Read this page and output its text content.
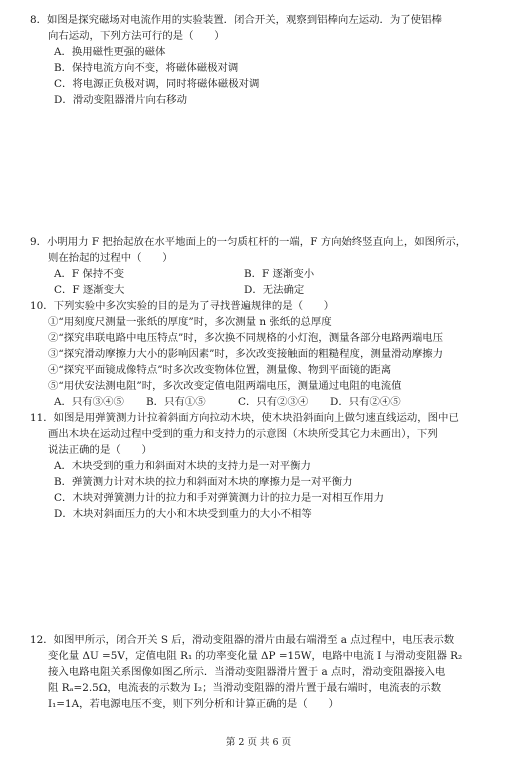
8．如图是探究磁场对电流作用的实验装置．闭合开关，观察到铝棒向左运动．为了使铝棒
向右运动，下列方法可行的是（　　）
A．换用磁性更强的磁体
B．保持电流方向不变，将磁体磁极对调
C．将电源正负极对调，同时将磁体磁极对调
D．滑动变阻器滑片向右移动
9．小明用力 F 把抬起放在水平地面上的一匀质杠杆的一端，F 方向始终竖直向上，如图所示，
则在抬起的过程中（　　）
A．F 保持不变	B．F 逐渐变小
C．F 逐渐变大	D．无法确定
10．下列实验中多次实验的目的是为了寻找普遍规律的是（　　）
①“用刻度尺测量一张纸的厚度”时，多次测量 n 张纸的总厚度
②“探究串联电路中电压特点”时，多次换不同规格的小灯泡，测量各部分电路两端电压
③“探究滑动摩擦力大小的影响因素”时，多次改变接触面的粗糙程度，测量滑动摩擦力
④“探究平面镜成像特点”时多次改变物体位置，测量像、物到平面镜的距离
⑤“用伏安法测电阻”时，多次改变定值电阻两端电压，测量通过电阻的电流值
A．只有③④⑤	B．只有①⑤	C．只有②③④	D．只有②④⑤
11．如图是用弹簧测力计拉着斜面方向拉动木块，使木块沿斜面向上做匀速直线运动，图中已
画出木块在运动过程中受到的重力和支持力的示意图（木块所受其它力未画出），下列
说法正确的是（　　）
A．木块受到的重力和斜面对木块的支持力是一对平衡力
B．弹簧测力计对木块的拉力和斜面对木块的摩擦力是一对平衡力
C．木块对弹簧测力计的拉力和手对弹簧测力计的拉力是一对相互作用力
D．木块对斜面压力的大小和木块受到重力的大小不相等
12．如图甲所示，闭合开关 S 后，滑动变阻器的滑片由最右端滑至 a 点过程中，电压表示数
变化量 ΔU =5V，定值电阻 R₁ 的功率变化量 ΔP =15W，电路中电流 I 与滑动变阻器 R₂
接入电路电阻关系图像如图乙所示．当滑动变阻器滑片置于 a 点时，滑动变阻器接入电
阻 Rₐ=2.5Ω，电流表的示数为 I₂；当滑动变阻器的滑片置于最右端时，电流表的示数
I₁=1A，若电源电压不变，则下列分析和计算正确的是（　　）
第 2 页 共 6 页
